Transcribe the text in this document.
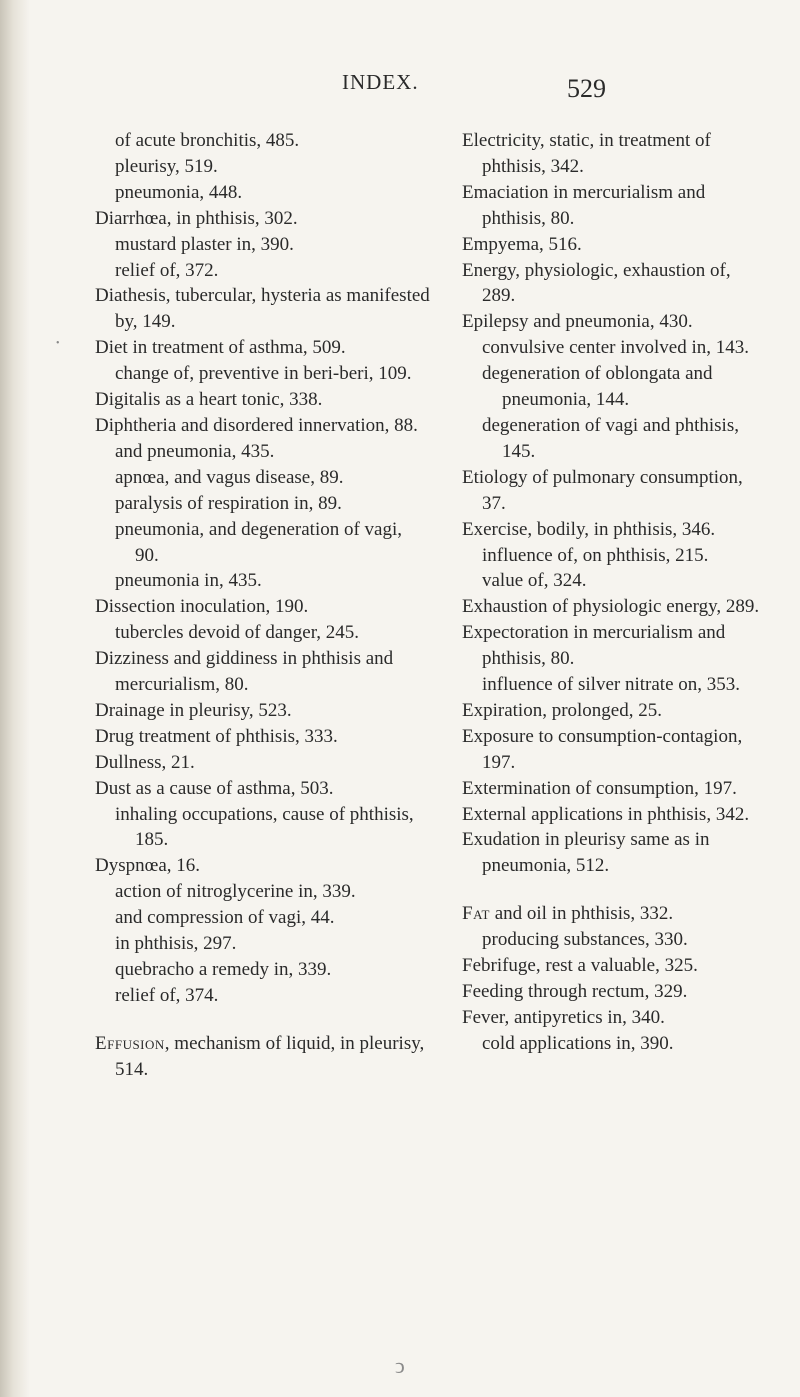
INDEX.	529
•
of acute bronchitis, 485.
pleurisy, 519.
pneumonia, 448.
Diarrhœa, in phthisis, 302.
mustard plaster in, 390.
relief of, 372.
Diathesis, tubercular, hysteria as manifested by, 149.
Diet in treatment of asthma, 509.
change of, preventive in beri-beri, 109.
Digitalis as a heart tonic, 338.
Diphtheria and disordered innervation, 88.
and pneumonia, 435.
apnœa, and vagus disease, 89.
paralysis of respiration in, 89.
pneumonia, and degeneration of vagi, 90.
pneumonia in, 435.
Dissection inoculation, 190.
tubercles devoid of danger, 245.
Dizziness and giddiness in phthisis and mercurialism, 80.
Drainage in pleurisy, 523.
Drug treatment of phthisis, 333.
Dullness, 21.
Dust as a cause of asthma, 503.
inhaling occupations, cause of phthisis, 185.
Dyspnœa, 16.
action of nitroglycerine in, 339.
and compression of vagi, 44.
in phthisis, 297.
quebracho a remedy in, 339.
relief of, 374.
Effusion, mechanism of liquid, in pleurisy, 514.
Electricity, static, in treatment of phthisis, 342.
Emaciation in mercurialism and phthisis, 80.
Empyema, 516.
Energy, physiologic, exhaustion of, 289.
Epilepsy and pneumonia, 430.
convulsive center involved in, 143.
degeneration of oblongata and pneumonia, 144.
degeneration of vagi and phthisis, 145.
Etiology of pulmonary consumption, 37.
Exercise, bodily, in phthisis, 346.
influence of, on phthisis, 215.
value of, 324.
Exhaustion of physiologic energy, 289.
Expectoration in mercurialism and phthisis, 80.
influence of silver nitrate on, 353.
Expiration, prolonged, 25.
Exposure to consumption-contagion, 197.
Extermination of consumption, 197.
External applications in phthisis, 342.
Exudation in pleurisy same as in pneumonia, 512.
Fat and oil in phthisis, 332.
producing substances, 330.
Febrifuge, rest a valuable, 325.
Feeding through rectum, 329.
Fever, antipyretics in, 340.
cold applications in, 390.
ↄ
